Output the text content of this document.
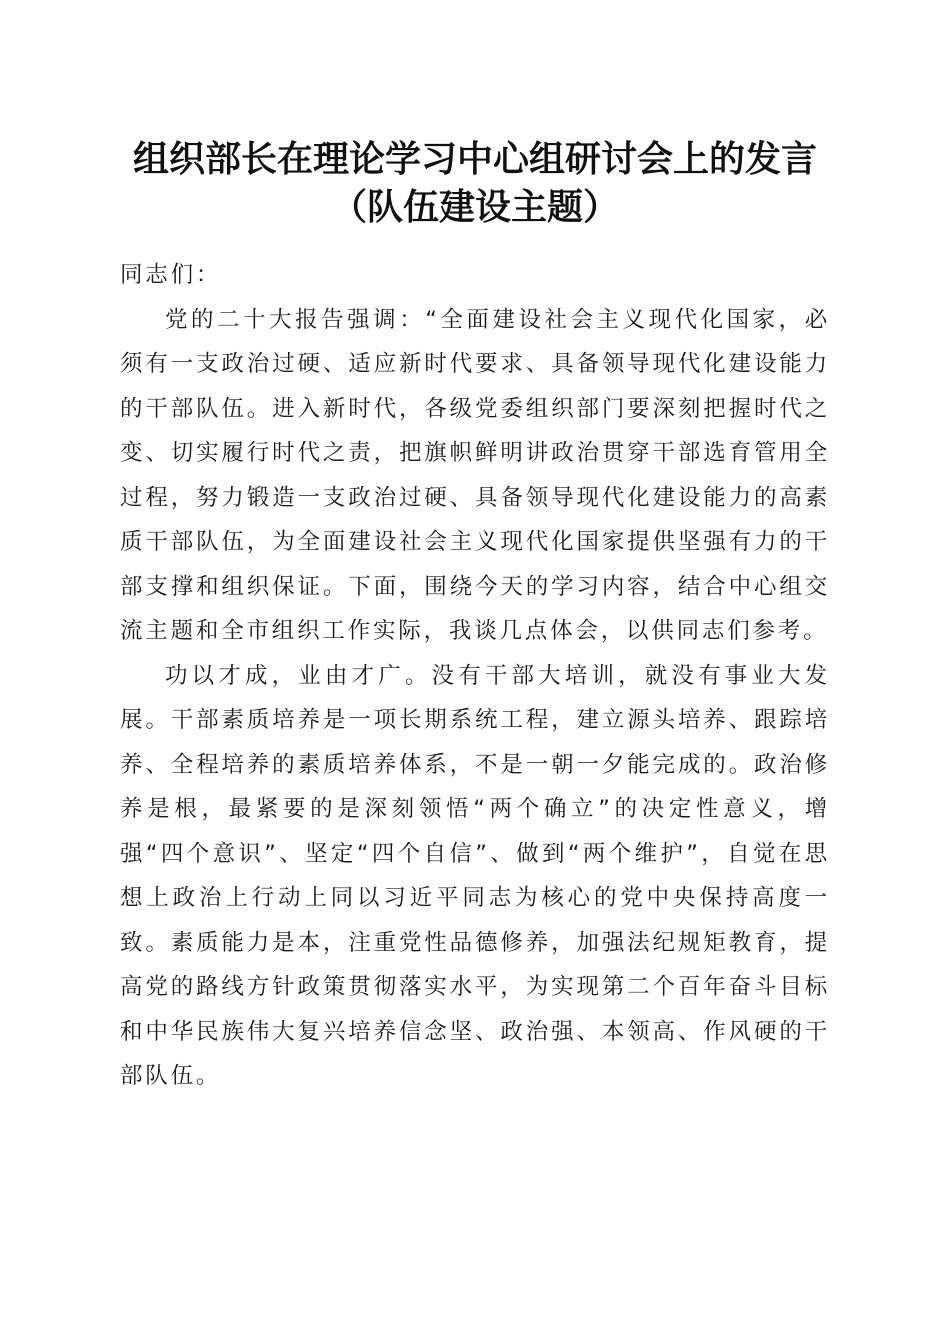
组织部长在理论学习中心组研讨会上的发言
（队伍建设主题）

同志们：

党的二十大报告强调：“全面建设社会主义现代化国家，必须有一支政治过硬、适应新时代要求、具备领导现代化建设能力的干部队伍。进入新时代，各级党委组织部门要深刻把握时代之变、切实履行时代之责，把旗帜鲜明讲政治贯穿干部选育管用全过程，努力锻造一支政治过硬、具备领导现代化建设能力的高素质干部队伍，为全面建设社会主义现代化国家提供坚强有力的干部支撑和组织保证。下面，围绕今天的学习内容，结合中心组交流主题和全市组织工作实际，我谈几点体会，以供同志们参考。

功以才成，业由才广。没有干部大培训，就没有事业大发展。干部素质培养是一项长期系统工程，建立源头培养、跟踪培养、全程培养的素质培养体系，不是一朝一夕能完成的。政治修养是根，最紧要的是深刻领悟“两个确立”的决定性意义，增强“四个意识”、坚定“四个自信”、做到“两个维护”，自觉在思想上政治上行动上同以习近平同志为核心的党中央保持高度一致。素质能力是本，注重党性品德修养，加强法纪规矩教育，提高党的路线方针政策贯彻落实水平，为实现第二个百年奋斗目标和中华民族伟大复兴培养信念坚、政治强、本领高、作风硬的干部队伍。
